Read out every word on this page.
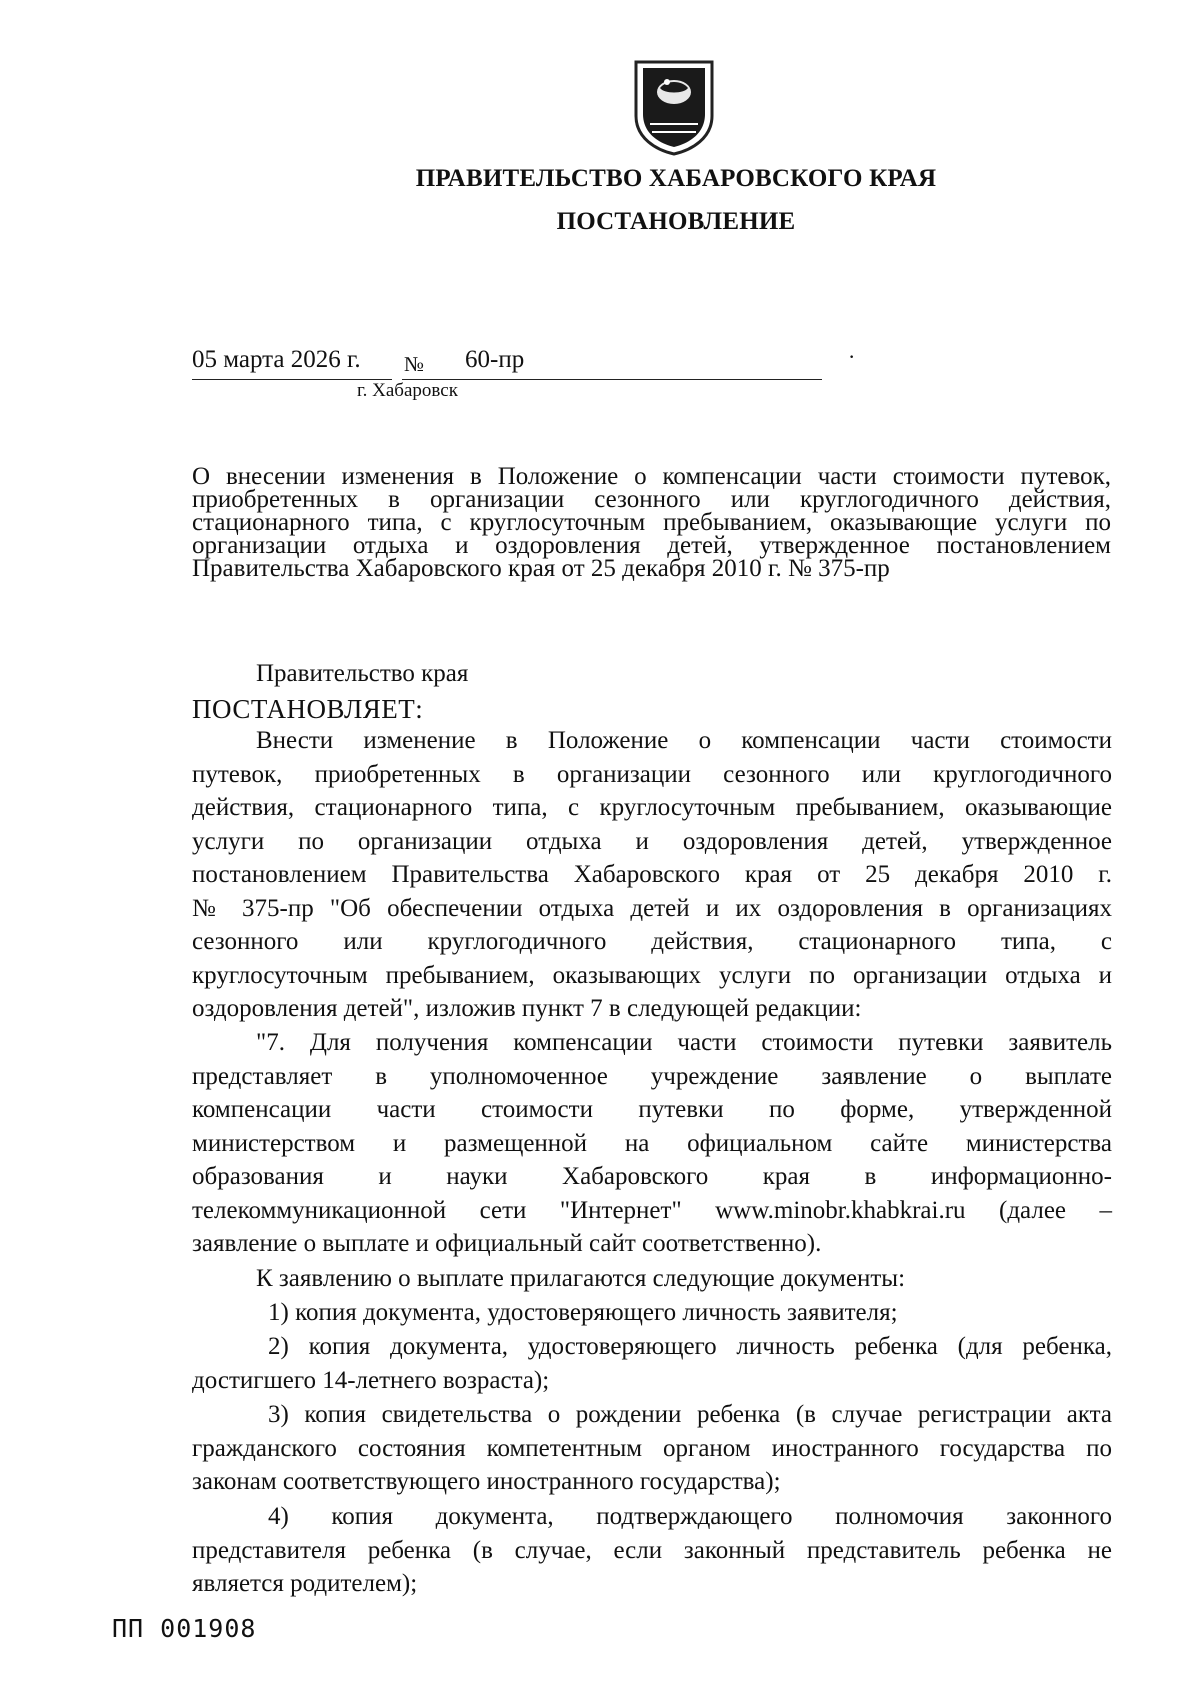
ПРАВИТЕЛЬСТВО ХАБАРОВСКОГО КРАЯ
ПОСТАНОВЛЕНИЕ
05 марта 2026 г. № 60-пр	·
г. Хабаровск
О внесении изменения в Положение о компенсации части стоимости путевок,
приобретенных в организации сезонного или круглогодичного действия,
стационарного типа, с круглосуточным пребыванием, оказывающие услуги по
организации отдыха и оздоровления детей, утвержденное постановлением
Правительства Хабаровского края от 25 декабря 2010 г. № 375-пр
Правительство края
ПОСТАНОВЛЯЕТ:
Внести изменение в Положение о компенсации части стоимости
путевок, приобретенных в организации сезонного или круглогодичного
действия, стационарного типа, с круглосуточным пребыванием, оказывающие
услуги по организации отдыха и оздоровления детей, утвержденное
постановлением Правительства Хабаровского края от 25 декабря 2010 г.
№ 375-пр "Об обеспечении отдыха детей и их оздоровления в организациях
сезонного или круглогодичного действия, стационарного типа, с
круглосуточным пребыванием, оказывающих услуги по организации отдыха и
оздоровления детей", изложив пункт 7 в следующей редакции:
"7. Для получения компенсации части стоимости путевки заявитель
представляет в уполномоченное учреждение заявление о выплате
компенсации части стоимости путевки по форме, утвержденной
министерством и размещенной на официальном сайте министерства
образования и науки Хабаровского края в информационно-
телекоммуникационной сети "Интернет" www.minobr.khabkrai.ru (далее –
заявление о выплате и официальный сайт соответственно).
К заявлению о выплате прилагаются следующие документы:
1) копия документа, удостоверяющего личность заявителя;
2) копия документа, удостоверяющего личность ребенка (для ребенка,
достигшего 14-летнего возраста);
3) копия свидетельства о рождении ребенка (в случае регистрации акта
гражданского состояния компетентным органом иностранного государства по
законам соответствующего иностранного государства);
4) копия документа, подтверждающего полномочия законного
представителя ребенка (в случае, если законный представитель ребенка не
является родителем);
ПП 001908
